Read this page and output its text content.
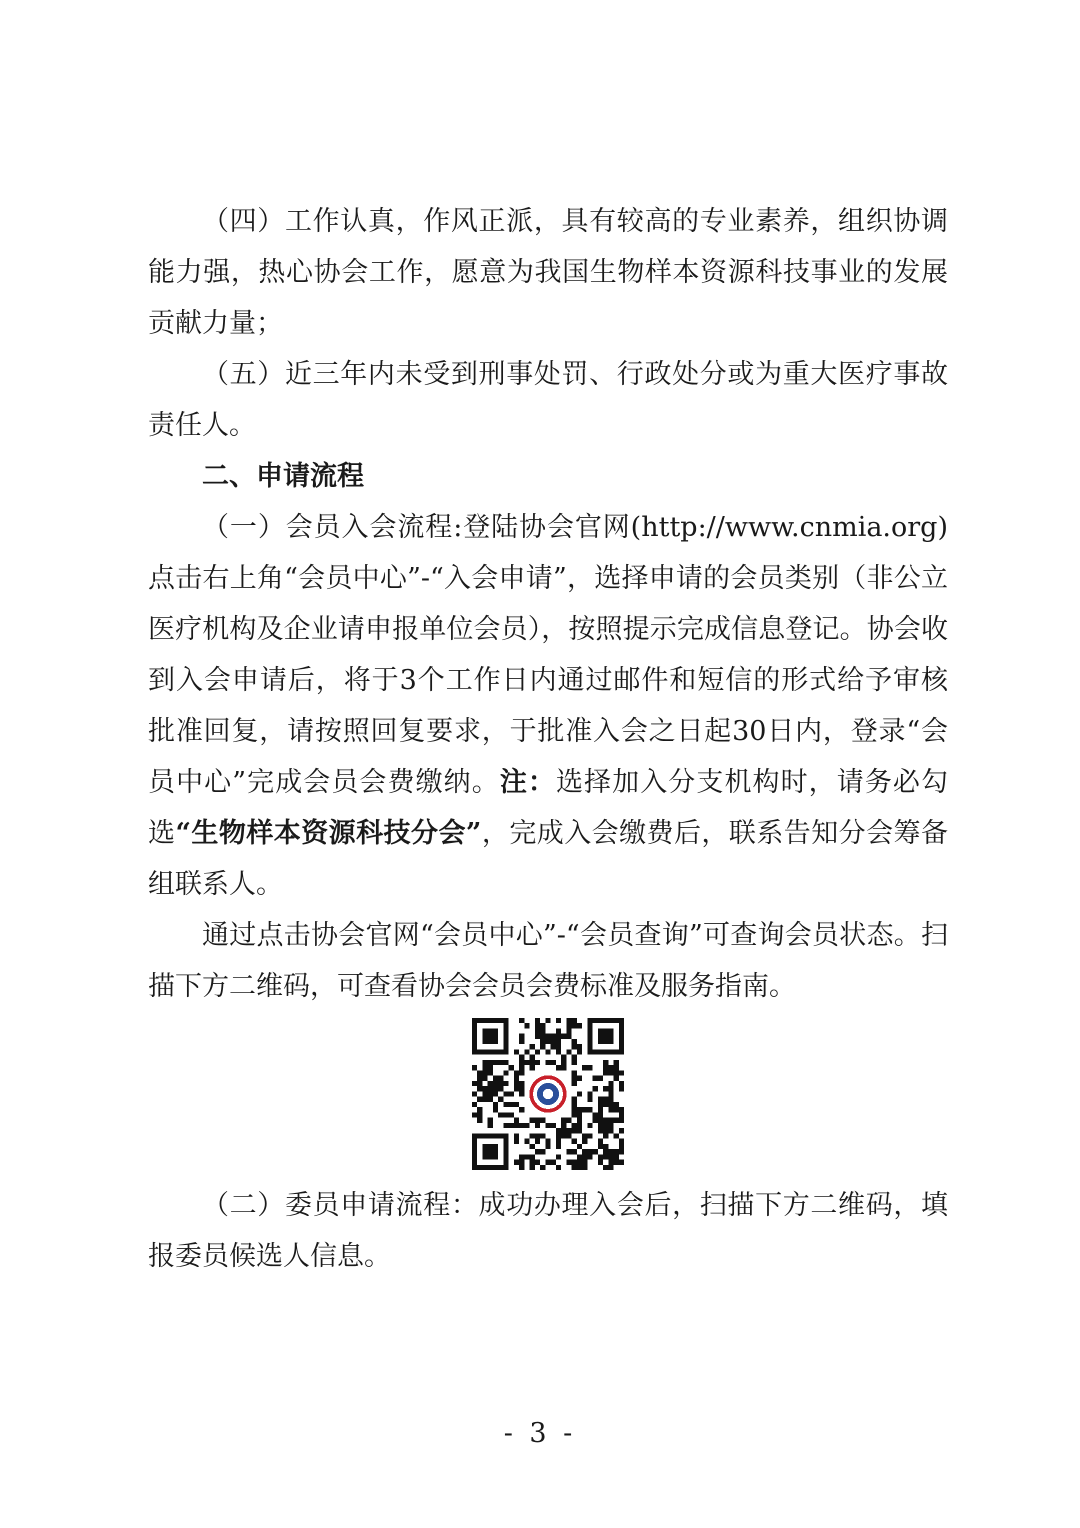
（四）工作认真，作风正派，具有较高的专业素养，组织协调能力强，热心协会工作，愿意为我国生物样本资源科技事业的发展贡献力量；

（五）近三年内未受到刑事处罚、行政处分或为重大医疗事故责任人。

二、申请流程

（一）会员入会流程:登陆协会官网(http://www.cnmia.org)点击右上角“会员中心”-“入会申请”，选择申请的会员类别（非公立医疗机构及企业请申报单位会员），按照提示完成信息登记。协会收到入会申请后，将于3个工作日内通过邮件和短信的形式给予审核批准回复，请按照回复要求，于批准入会之日起30日内，登录“会员中心”完成会员会费缴纳。注：选择加入分支机构时，请务必勾选“生物样本资源科技分会”，完成入会缴费后，联系告知分会筹备组联系人。

通过点击协会官网“会员中心”-“会员查询”可查询会员状态。扫描下方二维码，可查看协会会员会费标准及服务指南。

（二）委员申请流程：成功办理入会后，扫描下方二维码，填报委员候选人信息。

- 3 -
